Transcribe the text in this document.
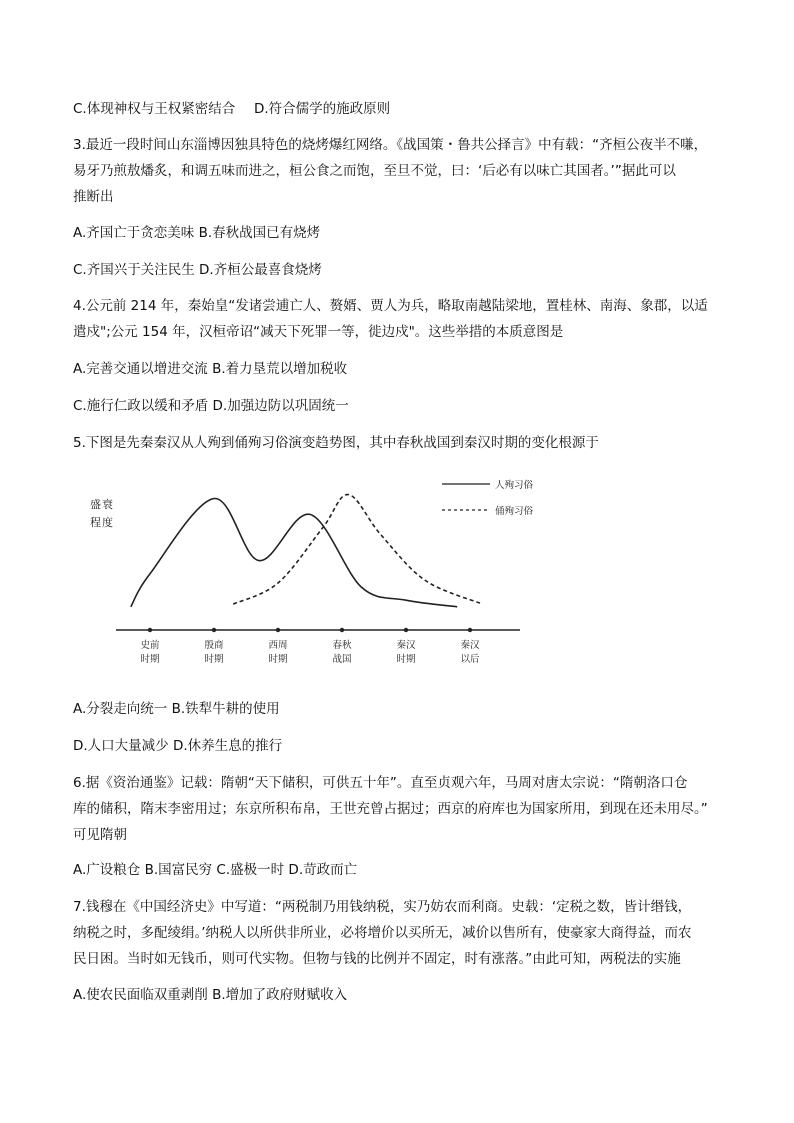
C.体现神权与王权紧密结合 D.符合儒学的施政原则
3.最近一段时间山东淄博因独具特色的烧烤爆红网络。《战国策・鲁共公择言》中有载：“齐桓公夜半不嗛，
易牙乃煎敖燔炙，和调五味而进之，桓公食之而饱，至旦不觉，曰：‘后必有以味亡其国者。’”据此可以
推断出
A.齐国亡于贪恋美味 B.春秋战国已有烧烤
C.齐国兴于关注民生 D.齐桓公最喜食烧烤
4.公元前 214 年，秦始皇“发诸尝逋亡人、赘婿、贾人为兵，略取南越陆梁地，置桂林、南海、象郡，以适
遣戍";公元 154 年，汉桓帝诏“减天下死罪一等，徙边戍"。这些举措的本质意图是
A.完善交通以增进交流 B.着力垦荒以增加税收
C.施行仁政以缓和矛盾 D.加强边防以巩固统一
5.下图是先秦秦汉从人殉到俑殉习俗演变趋势图，其中春秋战国到秦汉时期的变化根源于
盛 衰
程 度
史前
时期
殷商
时期
西周
时期
春秋
战国
秦汉
时期
秦汉
以后
人殉习俗
俑殉习俗
A.分裂走向统一 B.铁犁牛耕的使用
D.人口大量减少 D.休养生息的推行
6.据《资治通鉴》记载：隋朝“天下储积，可供五十年”。直至贞观六年，马周对唐太宗说：“隋朝洛口仓
库的储积，隋末李密用过；东京所积布帛，王世充曾占据过；西京的府库也为国家所用，到现在还未用尽。”
可见隋朝
A.广设粮仓 B.国富民穷 C.盛极一时 D.苛政而亡
7.钱穆在《中国经济史》中写道：“两税制乃用钱纳税，实乃妨农而利商。史载：‘定税之数，皆计缗钱，
纳税之时，多配绫绢。’纳税人以所供非所业，必将增价以买所无，减价以售所有，使豪家大商得益，而农
民日困。当时如无钱币，则可代实物。但物与钱的比例并不固定，时有涨落。”由此可知，两税法的实施
A.使农民面临双重剥削 B.增加了政府财赋收入
